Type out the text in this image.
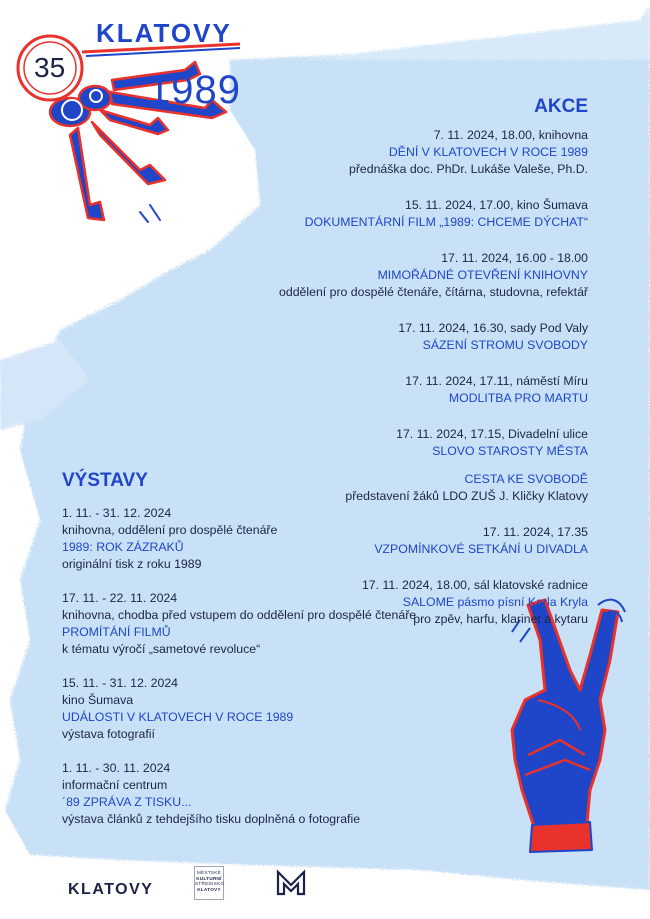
KLATOVY
35
1989	AKCE
7. 11. 2024, 18.00, knihovna
DĚNÍ V KLATOVECH V ROCE 1989
přednáška doc. PhDr. Lukáše Valeše, Ph.D.
15. 11. 2024, 17.00, kino Šumava
DOKUMENTÁRNÍ FILM „1989: CHCEME DÝCHAT“
17. 11. 2024, 16.00 - 18.00
MIMOŘÁDNÉ OTEVŘENÍ KNIHOVNY
oddělení pro dospělé čtenáře, čítárna, studovna, refektář
17. 11. 2024, 16.30, sady Pod Valy
SÁZENÍ STROMU SVOBODY
17. 11. 2024, 17.11, náměstí Míru
MODLITBA PRO MARTU
17. 11. 2024, 17.15, Divadelní ulice
SLOVO STAROSTY MĚSTA
CESTA KE SVOBODĚ
představení žáků LDO ZUŠ J. Kličky Klatovy
17. 11. 2024, 17.35
VZPOMÍNKOVÉ SETKÁNÍ U DIVADLA
17. 11. 2024, 18.00, sál klatovské radnice
SALOME pásmo písní Karla Kryla
pro zpěv, harfu, klarinet a kytaru
VÝSTAVY
1. 11. - 31. 12. 2024
knihovna, oddělení pro dospělé čtenáře
1989: ROK ZÁZRAKŮ
originální tisk z roku 1989
17. 11. - 22. 11. 2024
knihovna, chodba před vstupem do oddělení pro dospělé čtenáře
PROMÍTÁNÍ FILMŮ
k tématu výročí „sametové revoluce“
15. 11. - 31. 12. 2024
kino Šumava
UDÁLOSTI V KLATOVECH V ROCE 1989
výstava fotografií
1. 11. - 30. 11. 2024
informační centrum
´89 ZPRÁVA Z TISKU...
výstava článků z tehdejšího tisku doplněná o fotografie
KLATOVY
MĚSTSKÉ
KULTURNÍ
STŘEDISKO
KLATOVY
